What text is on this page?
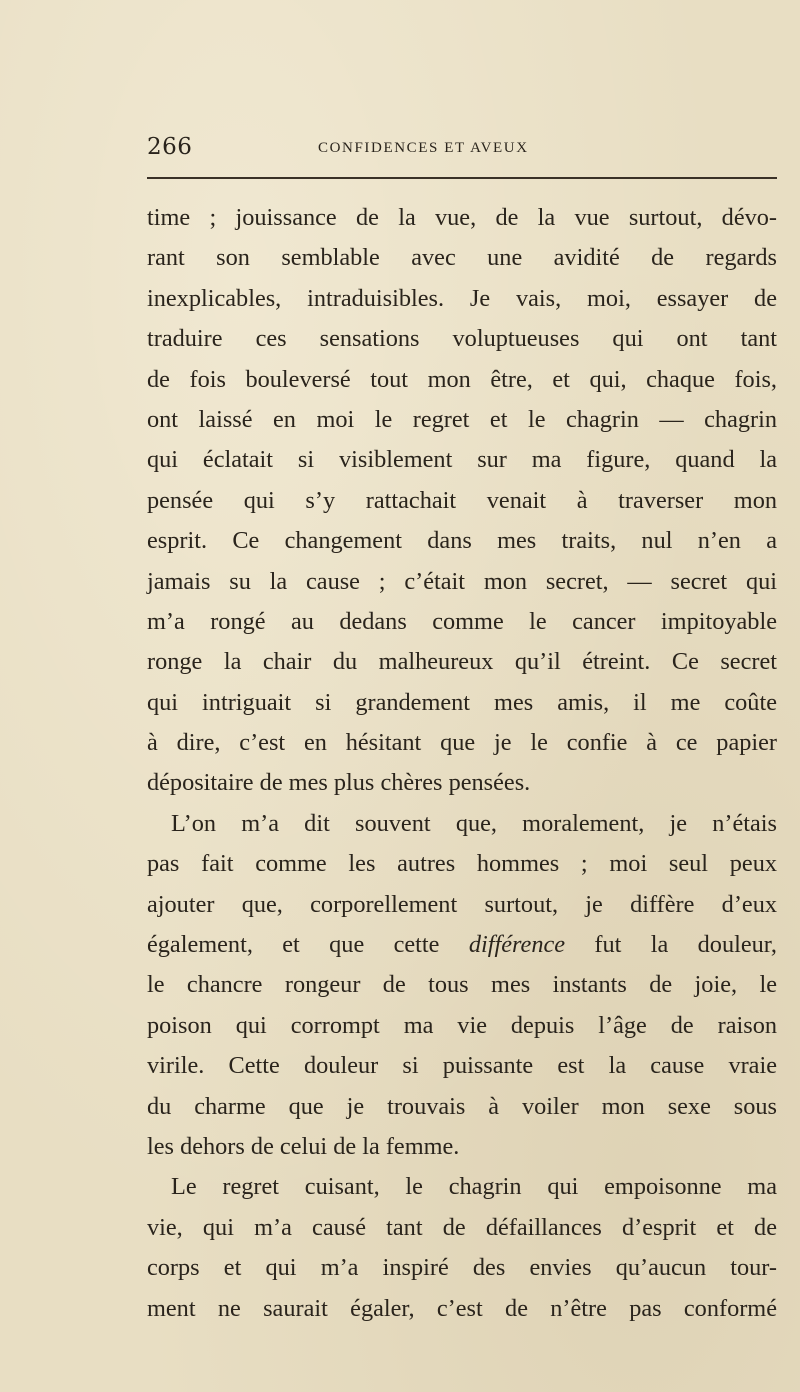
266	CONFIDENCES ET AVEUX
time ; jouissance de la vue, de la vue surtout, dévo-
rant son semblable avec une avidité de regards
inexplicables, intraduisibles. Je vais, moi, essayer de
traduire ces sensations voluptueuses qui ont tant
de fois bouleversé tout mon être, et qui, chaque fois,
ont laissé en moi le regret et le chagrin — chagrin
qui éclatait si visiblement sur ma figure, quand la
pensée qui s’y rattachait venait à traverser mon
esprit. Ce changement dans mes traits, nul n’en a
jamais su la cause ; c’était mon secret, — secret qui
m’a rongé au dedans comme le cancer impitoyable
ronge la chair du malheureux qu’il étreint. Ce secret
qui intriguait si grandement mes amis, il me coûte
à dire, c’est en hésitant que je le confie à ce papier
dépositaire de mes plus chères pensées.
L’on m’a dit souvent que, moralement, je n’étais
pas fait comme les autres hommes ; moi seul peux
ajouter que, corporellement surtout, je diffère d’eux
également, et que cette différence fut la douleur,
le chancre rongeur de tous mes instants de joie, le
poison qui corrompt ma vie depuis l’âge de raison
virile. Cette douleur si puissante est la cause vraie
du charme que je trouvais à voiler mon sexe sous
les dehors de celui de la femme.
Le regret cuisant, le chagrin qui empoisonne ma
vie, qui m’a causé tant de défaillances d’esprit et de
corps et qui m’a inspiré des envies qu’aucun tour-
ment ne saurait égaler, c’est de n’être pas conformé
